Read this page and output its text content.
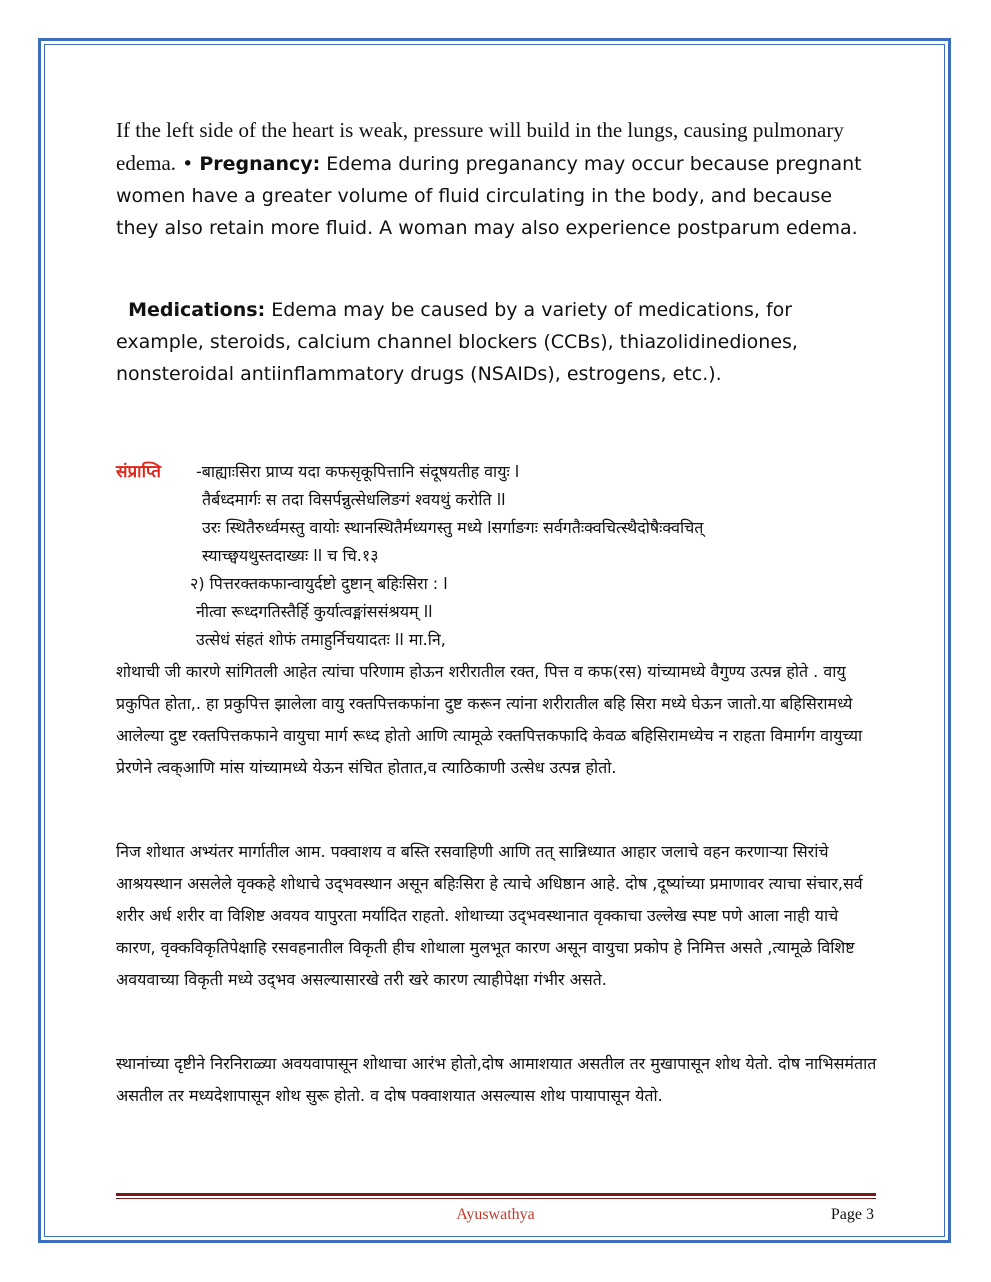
If the left side of the heart is weak, pressure will build in the lungs, causing pulmonary edema. • Pregnancy: Edema during preganancy may occur because pregnant women have a greater volume of fluid circulating in the body, and because they also retain more fluid. A woman may also experience postparum edema.

Medications: Edema may be caused by a variety of medications, for example, steroids, calcium channel blockers (CCBs), thiazolidinediones, nonsteroidal antiinflammatory drugs (NSAIDs), estrogens, etc.).

संप्राप्ति -बाह्याःसिरा प्राप्य यदा कफसृकूपित्तानि संदूषयतीह वायुः l
तैर्बध्दमार्गः स तदा विसर्पन्नुत्सेधलिङगं श्वयथुं करोति ll
उरः स्थितैरुर्ध्वमस्तु वायोः स्थानस्थितैर्मध्यगस्तु मध्ये lसर्गाङगः सर्वगतैःक्वचित्स्थैदोषैःक्वचित्
स्याच्छ्वयथुस्तदाख्यः ll च चि.१३
२) पित्तरक्तकफान्वायुर्दष्टो दुष्टान् बहिःसिरा : l
नीत्वा रूध्दगतिस्तैर्हि कुर्यात्वङ्मांससंश्रयम् ll
उत्सेधं संहतं शोफं तमाहुर्निचयादतः ll मा.नि,

शोथाची जी कारणे सांगितली आहेत त्यांचा परिणाम होऊन शरीरातील रक्त, पित्त व कफ(रस) यांच्यामध्ये वैगुण्य उत्पन्न होते . वायु प्रकुपित होता,. हा प्रकुपित्त झालेला वायु रक्तपित्तकफांना दुष्ट करून त्यांना शरीरातील बहि सिरा मध्ये घेऊन जातो.या बहिसिरामध्ये आलेल्या दुष्ट रक्तपित्तकफाने वायुचा मार्ग रूध्द होतो आणि त्यामूळे रक्तपित्तकफादि केवळ बहिसिरामध्येच न राहता विमार्गग वायुच्या प्रेरणेने त्वक्आणि मांस यांच्यामध्ये येऊन संचित होतात,व त्याठिकाणी उत्सेध उत्पन्न होतो.

निज शोथात अभ्यंतर मार्गातील आम. पक्वाशय व बस्ति रसवाहिणी आणि तत् सान्निध्यात आहार जलाचे वहन करणाऱ्या सिरांचे आश्रयस्थान असलेले वृक्कहे शोथाचे उद्‌भवस्थान असून बहिःसिरा हे त्याचे अधिष्ठान आहे. दोष ,दूष्यांच्या प्रमाणावर त्याचा संचार,सर्व शरीर अर्ध शरीर वा विशिष्ट अवयव यापुरता मर्यादित राहतो. शोथाच्या उद्‌भवस्थानात वृक्काचा उल्लेख स्पष्ट पणे आला नाही याचे कारण, वृक्कविकृतिपेक्षाहि रसवहनातील विकृती हीच शोथाला मुलभूत कारण असून वायुचा प्रकोप हे निमित्त असते ,त्यामूळे विशिष्ट अवयवाच्या विकृती मध्ये उद्‌भव असल्यासारखे तरी खरे कारण त्याहीपेक्षा गंभीर असते.

स्थानांच्या दृष्टीने निरनिराळ्या अवयवापासून शोथाचा आरंभ होतो,दोष आमाशयात असतील तर मुखापासून शोथ येतो. दोष नाभिसमंतात असतील तर मध्यदेशापासून शोथ सुरू होतो. व दोष पक्वाशयात असल्यास शोथ पायापासून येतो.

Ayuswathya	Page 3
